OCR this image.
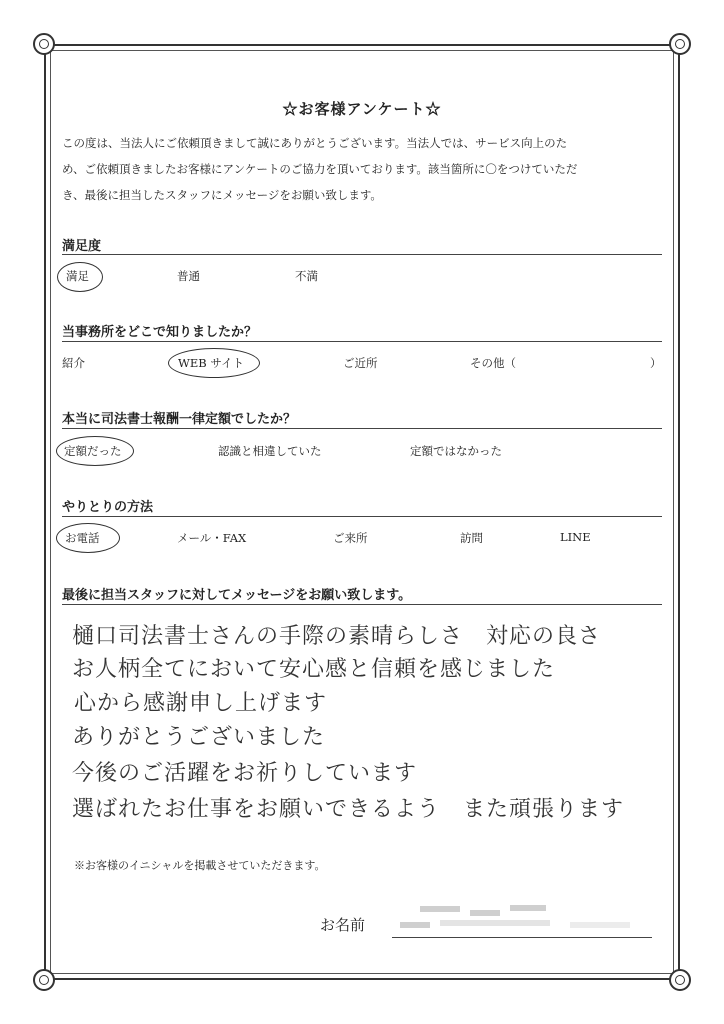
☆お客様アンケート☆
この度は、当法人にご依頼頂きまして誠にありがとうございます。当法人では、サービス向上のた
め、ご依頼頂きましたお客様にアンケートのご協力を頂いております。該当箇所に〇をつけていただ
き、最後に担当したスタッフにメッセージをお願い致します。
満足度
満足	普通	不満
当事務所をどこで知りましたか？
紹介	WEB サイト	ご近所	その他（	）
本当に司法書士報酬一律定額でしたか？
定額だった	認識と相違していた	定額ではなかった
やりとりの方法
お電話	メール・FAX	ご来所	訪問	LINE
最後に担当スタッフに対してメッセージをお願い致します。
樋口司法書士さんの手際の素晴らしさ　対応の良さ
お人柄全てにおいて安心感と信頼を感じました
心から感謝申し上げます
ありがとうございました
今後のご活躍をお祈りしています
選ばれたお仕事をお願いできるよう　また頑張ります
※お客様のイニシャルを掲載させていただきます。
お名前
